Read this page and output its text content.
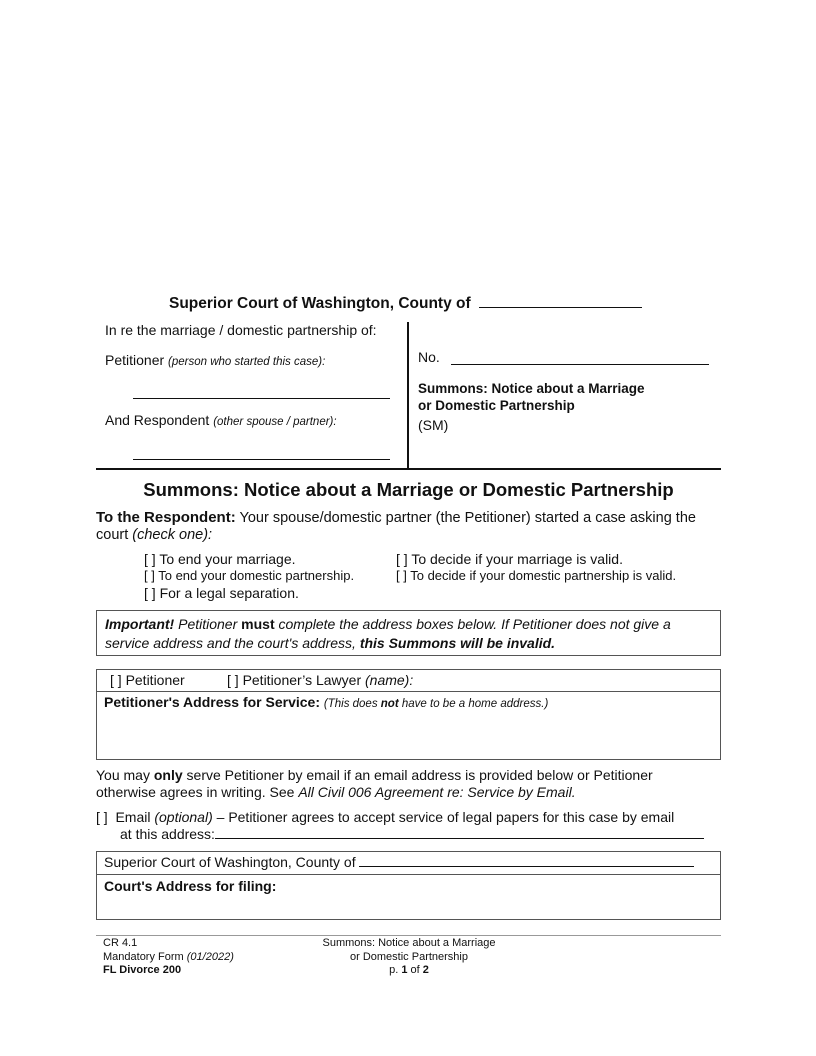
Superior Court of Washington, County of
In re the marriage / domestic partnership of:
Petitioner (person who started this case):
And Respondent (other spouse / partner):
No.
Summons: Notice about a Marriage
or Domestic Partnership
(SM)
Summons: Notice about a Marriage or Domestic Partnership
To the Respondent: Your spouse/domestic partner (the Petitioner) started a case asking the
court (check one):
[ ] To end your marriage.
[ ] To end your domestic partnership.
[ ] For a legal separation.
[ ] To decide if your marriage is valid.
[ ] To decide if your domestic partnership is valid.
Important! Petitioner must complete the address boxes below. If Petitioner does not give a
service address and the court's address, this Summons will be invalid.
[ ] Petitioner	[ ] Petitioner’s Lawyer (name):
Petitioner's Address for Service: (This does not have to be a home address.)
You may only serve Petitioner by email if an email address is provided below or Petitioner
otherwise agrees in writing. See All Civil 006 Agreement re: Service by Email.
[ ] Email (optional) – Petitioner agrees to accept service of legal papers for this case by email
at this address:
Superior Court of Washington, County of
Court's Address for filing:
CR 4.1
Mandatory Form (01/2022)
FL Divorce 200
Summons: Notice about a Marriage
or Domestic Partnership
p. 1 of 2
